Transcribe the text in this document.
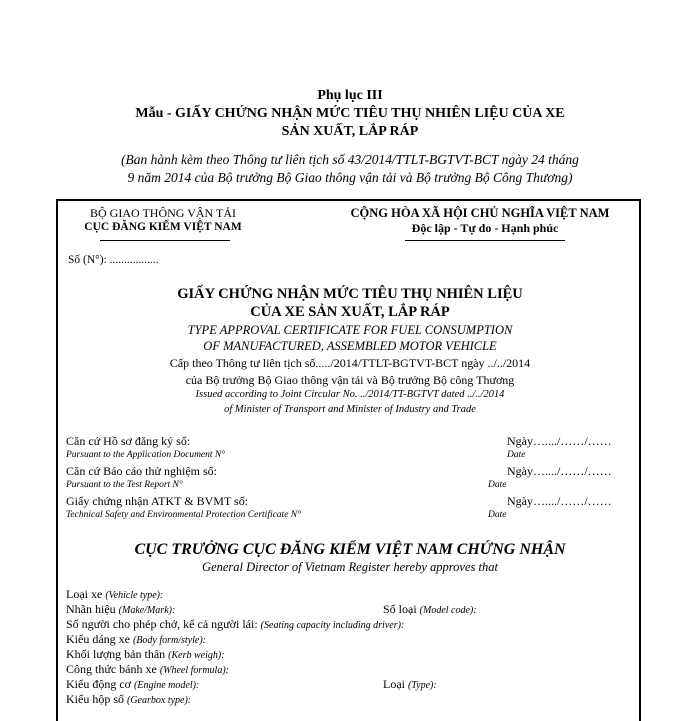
Phụ lục III
Mẫu - GIẤY CHỨNG NHẬN MỨC TIÊU THỤ NHIÊN LIỆU CỦA XE
SẢN XUẤT, LẮP RÁP
(Ban hành kèm theo Thông tư liên tịch số 43/2014/TTLT-BGTVT-BCT ngày 24 tháng
9 năm 2014 của Bộ trưởng Bộ Giao thông vận tải và Bộ trưởng Bộ Công Thương)
BỘ GIAO THÔNG VẬN TẢI
CỤC ĐĂNG KIỂM VIỆT NAM
CỘNG HÒA XÃ HỘI CHỦ NGHĨA VIỆT NAM
Độc lập - Tự do - Hạnh phúc
Số (N°): .................
GIẤY CHỨNG NHẬN MỨC TIÊU THỤ NHIÊN LIỆU
CỦA XE SẢN XUẤT, LẮP RÁP
TYPE APPROVAL CERTIFICATE FOR FUEL CONSUMPTION
OF MANUFACTURED, ASSEMBLED MOTOR VEHICLE
Cấp theo Thông tư liên tịch số...../2014/TTLT-BGTVT-BCT ngày ../../2014
của Bộ trưởng Bộ Giao thông vận tải và Bộ trưởng Bộ công Thương
Issued according to Joint Circular No. ../2014/TT-BGTVT dated ../../2014
of Minister of Transport and Minister of Industry and Trade
Căn cứ Hồ sơ đăng ký số:
Pursuant to the Application Document N°
Ngày…..../……/……
Date
Căn cứ Báo cáo thử nghiệm số:
Pursuant to the Test Report N°
Ngày…..../……/……
Date
Giấy chứng nhận ATKT & BVMT số:
Technical Safety and Environmental Protection Certificate N°
Ngày…..../……/……
Date
CỤC TRƯỞNG CỤC ĐĂNG KIỂM VIỆT NAM CHỨNG NHẬN
General Director of Vietnam Register hereby approves that
Loại xe (Vehicle type):
Nhãn hiệu (Make/Mark):	Số loại (Model code):
Số người cho phép chở, kể cả người lái: (Seating capacity including driver):
Kiểu dáng xe (Body form/style):
Khối lượng bản thân (Kerb weigh):
Công thức bánh xe (Wheel formula):
Kiểu động cơ (Engine model):	Loại (Type):
Kiểu hộp số (Gearbox type):
